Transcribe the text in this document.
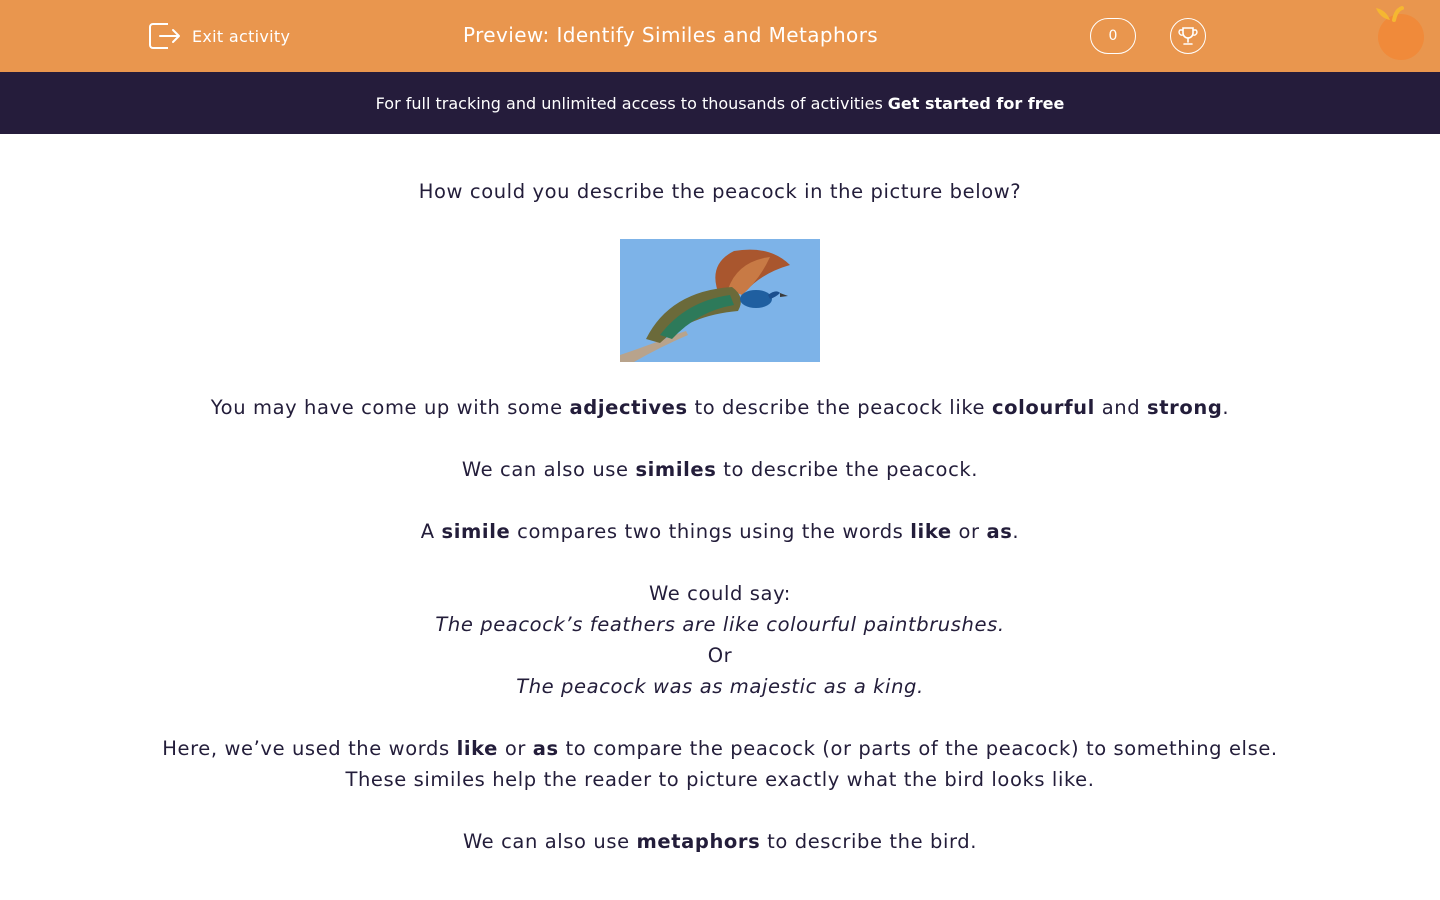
Exit activity	Preview: Identify Similes and Metaphors	0
For full tracking and unlimited access to thousands of activities Get started for free

How could you describe the peacock in the picture below?

You may have come up with some adjectives to describe the peacock like colourful and strong.

We can also use similes to describe the peacock.

A simile compares two things using the words like or as.

We could say:

The peacock’s feathers are like colourful paintbrushes.

Or

The peacock was as majestic as a king.

Here, we’ve used the words like or as to compare the peacock (or parts of the peacock) to something else.

These similes help the reader to picture exactly what the bird looks like.

We can also use metaphors to describe the bird.
